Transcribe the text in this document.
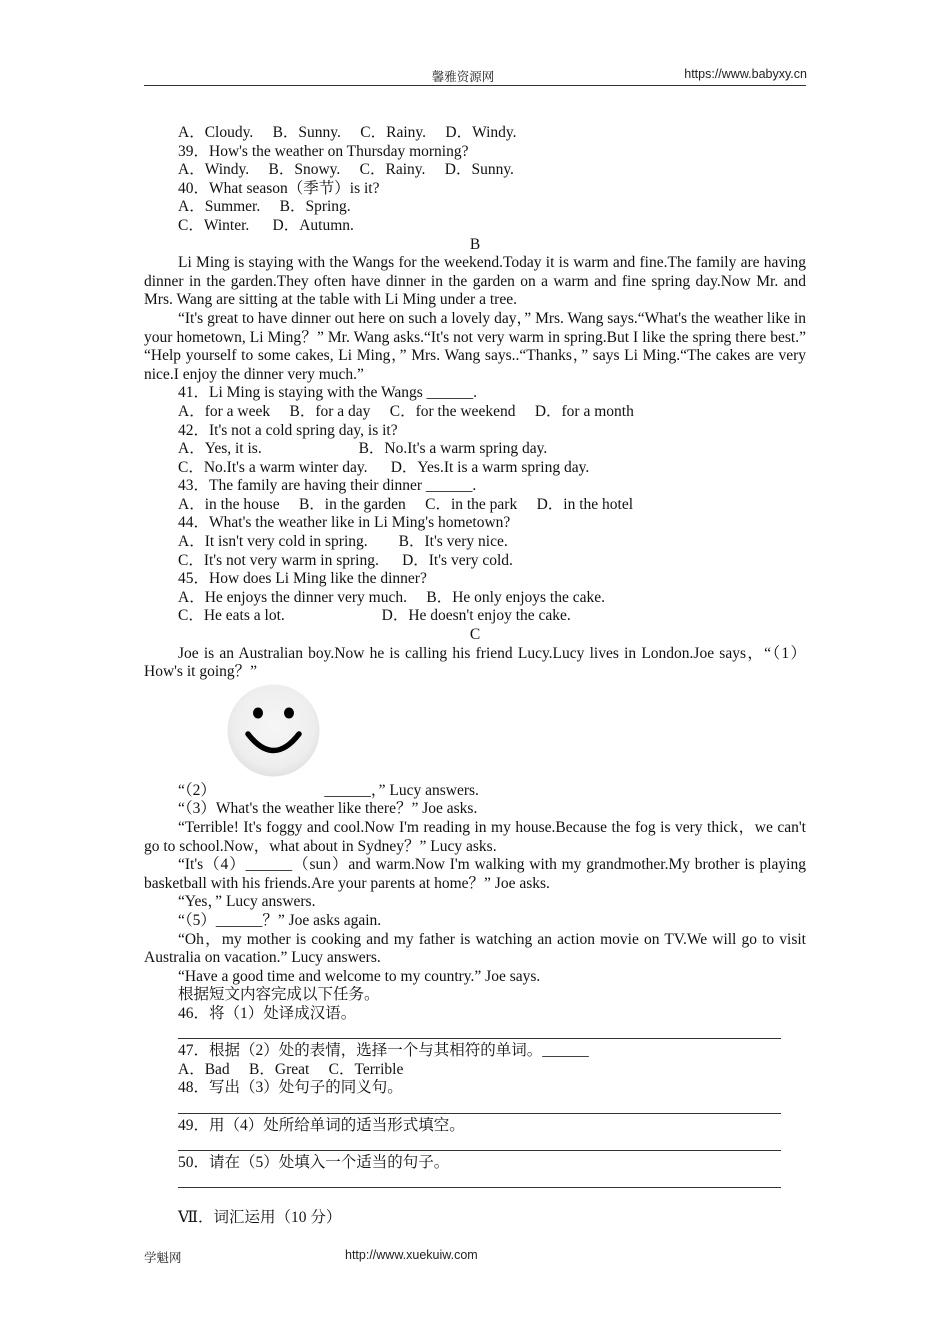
馨雅资源网	https://www.babyxy.cn
A．Cloudy.     B．Sunny.     C．Rainy.     D．Windy.
39．How's the weather on Thursday morning?
A．Windy.     B．Snowy.     C．Rainy.     D．Sunny.
40．What season（季节）is it?
A．Summer.     B．Spring.
C．Winter.      D．Autumn.
B

Li Ming is staying with the Wangs for the weekend.Today it is warm and fine.The family are having dinner in the garden.They often have dinner in the garden on a warm and fine spring day.Now Mr. and Mrs. Wang are sitting at the table with Li Ming under a tree.

“It's great to have dinner out here on such a lovely day，” Mrs. Wang says.“What's the weather like in your hometown, Li Ming？” Mr. Wang asks.“It's not very warm in spring.But I like the spring there best.” “Help yourself to some cakes, Li Ming，” Mrs. Wang says..“Thanks，” says Li Ming.“The cakes are very nice.I enjoy the dinner very much.”

41．Li Ming is staying with the Wangs ______.
A．for a week     B．for a day     C．for the weekend     D．for a month
42．It's not a cold spring day, is it?
A．Yes, it is.                         B．No.It's a warm spring day.
C．No.It's a warm winter day.      D．Yes.It is a warm spring day.
43．The family are having their dinner ______.
A．in the house     B．in the garden     C．in the park     D．in the hotel
44．What's the weather like in Li Ming's hometown?
A．It isn't very cold in spring.        B．It's very nice.
C．It's not very warm in spring.      D．It's very cold.
45．How does Li Ming like the dinner?
A．He enjoys the dinner very much.     B．He only enjoys the cake.
C．He eats a lot.                         D．He doesn't enjoy the cake.
C

Joe is an Australian boy.Now he is calling his friend Lucy.Lucy lives in London.Joe says，“（1）How's it going？”

“（2）                            ______，” Lucy answers.
“（3）What's the weather like there？” Joe asks.

“Terrible! It's foggy and cool.Now I'm reading in my house.Because the fog is very thick，we can't go to school.Now，what about in Sydney？” Lucy asks.

“It's（4）______（sun）and warm.Now I'm walking with my grandmother.My brother is playing basketball with his friends.Are your parents at home？” Joe asks.

“Yes，” Lucy answers.
“（5）______？” Joe asks again.

“Oh，my mother is cooking and my father is watching an action movie on TV.We will go to visit Australia on vacation.” Lucy answers.

“Have a good time and welcome to my country.” Joe says.
根据短文内容完成以下任务。
46．将（1）处译成汉语。
47．根据（2）处的表情，选择一个与其相符的单词。______
A．Bad     B．Great     C．Terrible
48．写出（3）处句子的同义句。
49．用（4）处所给单词的适当形式填空。
50．请在（5）处填入一个适当的句子。
Ⅶ．词汇运用（10 分）
学魁网	http://www.xuekuiw.com
